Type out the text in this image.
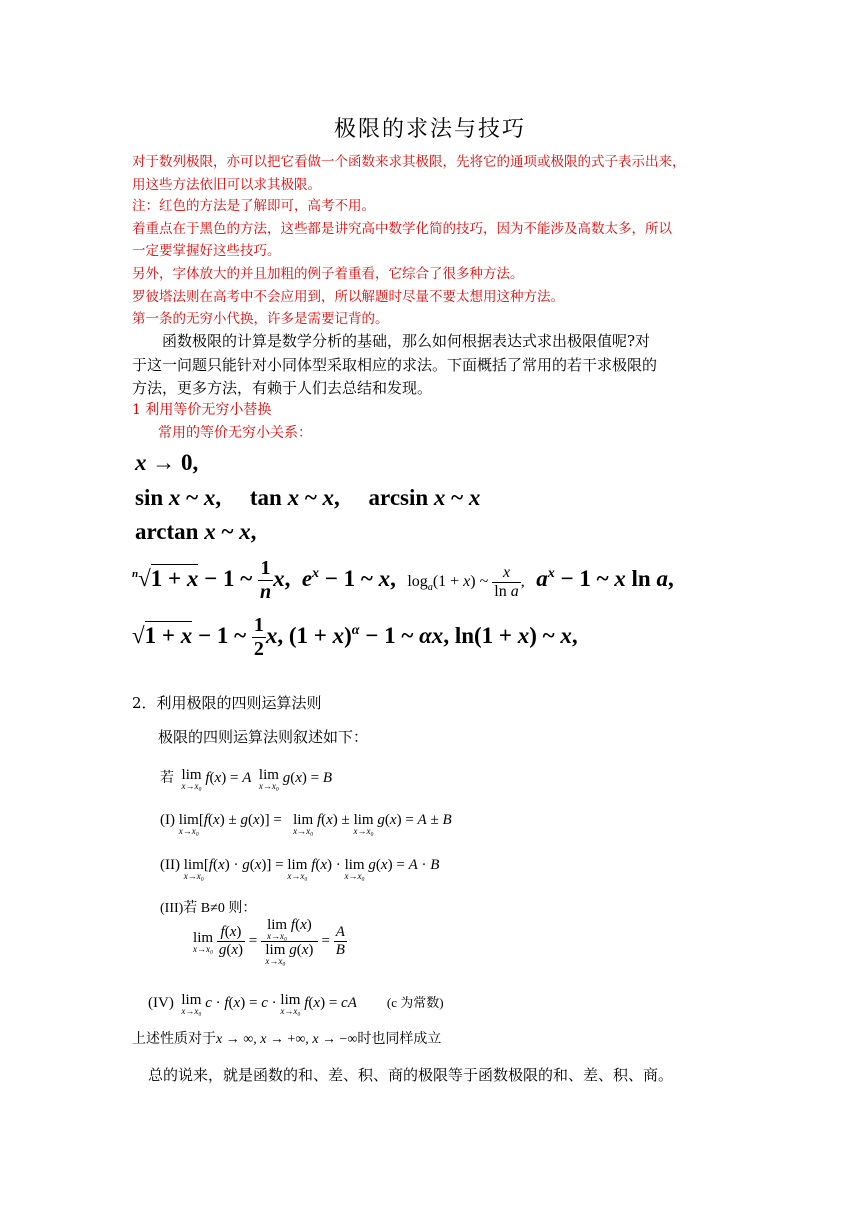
极限的求法与技巧
对于数列极限，亦可以把它看做一个函数来求其极限，先将它的通项或极限的式子表示出来，
用这些方法依旧可以求其极限。
注：红色的方法是了解即可，高考不用。
着重点在于黑色的方法，这些都是讲究高中数学化简的技巧，因为不能涉及高数太多，所以
一定要掌握好这些技巧。
另外，字体放大的并且加粗的例子着重看，它综合了很多种方法。
罗彼塔法则在高考中不会应用到，所以解题时尽量不要太想用这种方法。
第一条的无穷小代换，许多是需要记背的。
函数极限的计算是数学分析的基础，那么如何根据表达式求出极限值呢?对
于这一问题只能针对小同体型采取相应的求法。下面概括了常用的若干求极限的
方法，更多方法，有赖于人们去总结和发现。
1 利用等价无穷小替换
常用的等价无穷小关系：
x → 0,
sin x ~ x,     tan x ~ x,     arcsin x ~ x
arctan x ~ x,
$^n$√1 + x − 1 ~ $\frac{1}{n} x$,  $e^x - 1$ ~ x,  $\log_a(1 + x)$ ~ $\frac{x}{\text{ln a}}$ , $a^x - 1$ ~ x ln a,
√1 + x − 1 ~ $\frac{1}{2} x$, $(1 + x)^\alpha - 1$ ~ αx, ln(1 + x) ~ x,
2．利用极限的四则运算法则
极限的四则运算法则叙述如下：
若 lim
x→x₀ f(x) = A lim
x→x₀ g(x) = B
(I) lim
x→x₀
[f(x) ± g(x)] =   lim
x→x₀
f(x) ± lim
x→x₀
g(x) = A ± B
(II) lim
x→x₀
[f(x) · g(x)] = lim
x→x₀
f(x) · lim
x→x₀
g(x) = A · B
(III)若 B≠0 则：
lim
x→x₀
$\frac{f(x)}{g(x)} = \lim$
x→x₀
f(x)
lim
x→x₀
$g(x) = \frac{A}{B}$
(IV) lim
x→x₀ c · f(x) = c · lim
x→x₀ f(x) = cA (c 为常数)
上述性质对于x → ∞, x → +∞, x → −∞时也同样成立
总的说来，就是函数的和、差、积、商的极限等于函数极限的和、差、积、商。
